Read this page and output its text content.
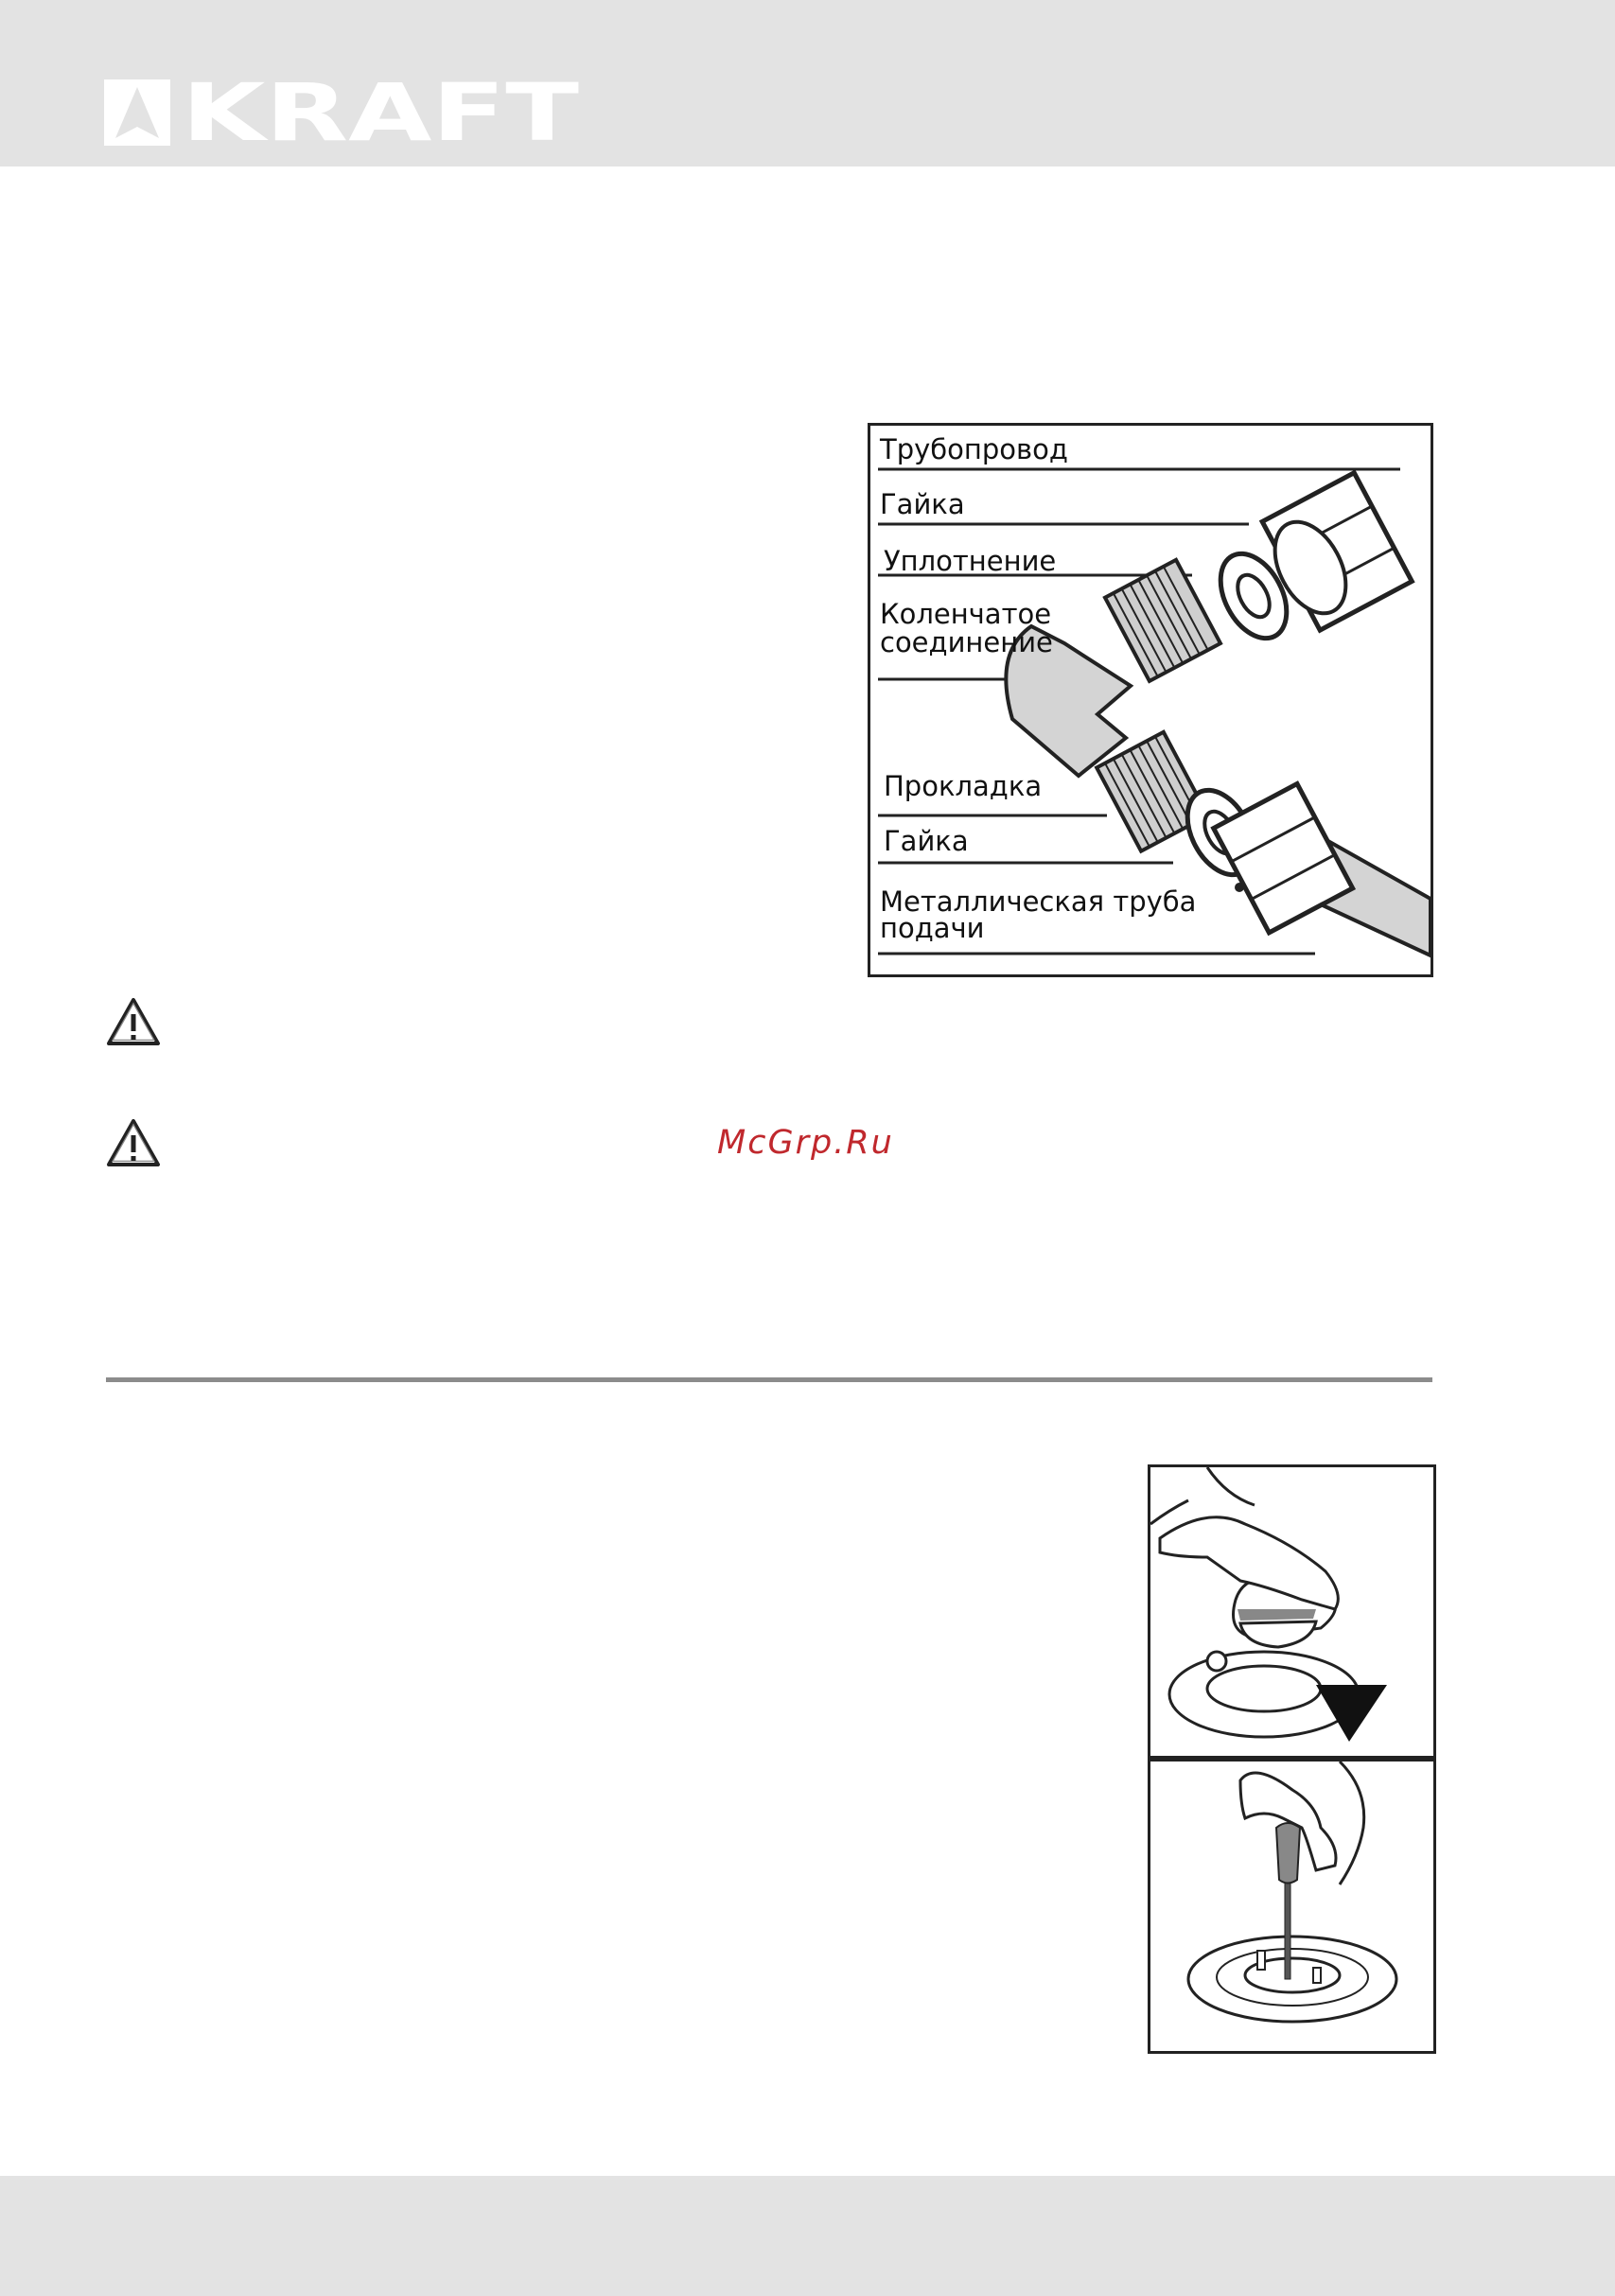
KRAFT
Трубопровод
Гайка
Уплотнение
Коленчатое
соединение
Прокладка
Гайка
Металлическая труба
подачи
McGrp.Ru
